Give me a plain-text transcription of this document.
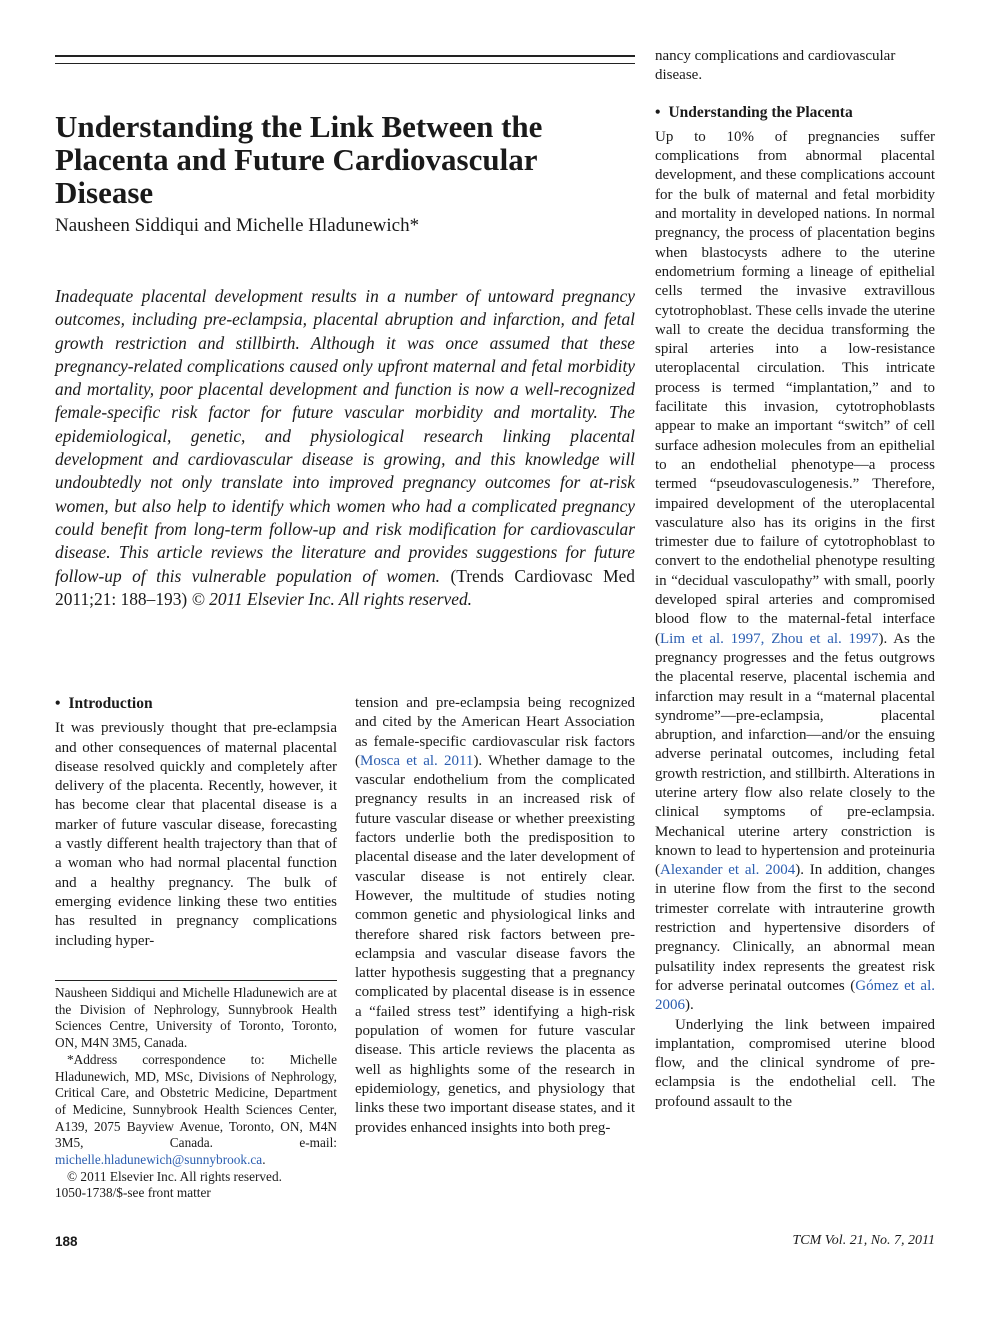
Understanding the Link Between the Placenta and Future Cardiovascular Disease
Nausheen Siddiqui and Michelle Hladunewich*
Inadequate placental development results in a number of untoward pregnancy outcomes, including pre-eclampsia, placental abruption and infarction, and fetal growth restriction and stillbirth. Although it was once assumed that these pregnancy-related complications caused only upfront maternal and fetal morbidity and mortality, poor placental development and function is now a well-recognized female-specific risk factor for future vascular morbidity and mortality. The epidemiological, genetic, and physiological research linking placental development and cardiovascular disease is growing, and this knowledge will undoubtedly not only translate into improved pregnancy outcomes for at-risk women, but also help to identify which women who had a complicated pregnancy could benefit from long-term follow-up and risk modification for cardiovascular disease. This article reviews the literature and provides suggestions for future follow-up of this vulnerable population of women. (Trends Cardiovasc Med 2011;21: 188–193) © 2011 Elsevier Inc. All rights reserved.

• Introduction

It was previously thought that pre-eclampsia and other consequences of maternal placental disease resolved quickly and completely after delivery of the placenta. Recently, however, it has become clear that placental disease is a marker of future vascular disease, forecasting a vastly different health trajectory than that of a woman who had normal placental function and a healthy pregnancy. The bulk of emerging evidence linking these two entities has resulted in pregnancy complications including hyper-

Nausheen Siddiqui and Michelle Hladunewich are at the Division of Nephrology, Sunnybrook Health Sciences Centre, University of Toronto, Toronto, ON, M4N 3M5, Canada.

*Address correspondence to: Michelle Hladunewich, MD, MSc, Divisions of Nephrology, Critical Care, and Obstetric Medicine, Department of Medicine, Sunnybrook Health Sciences Center, A139, 2075 Bayview Avenue, Toronto, ON, M4N 3M5, Canada. e-mail: michelle.hladunewich@sunnybrook.ca.

© 2011 Elsevier Inc. All rights reserved.

1050-1738/$-see front matter

tension and pre-eclampsia being recognized and cited by the American Heart Association as female-specific cardiovascular risk factors (Mosca et al. 2011). Whether damage to the vascular endothelium from the complicated pregnancy results in an increased risk of future vascular disease or whether preexisting factors underlie both the predisposition to placental disease and the later development of vascular disease is not entirely clear. However, the multitude of studies noting common genetic and physiological links and therefore shared risk factors between pre-eclampsia and vascular disease favors the latter hypothesis suggesting that a pregnancy complicated by placental disease is in essence a “failed stress test” identifying a high-risk population of women for future vascular disease. This article reviews the placenta as well as highlights some of the research in epidemiology, genetics, and physiology that links these two important disease states, and it provides enhanced insights into both preg-

nancy complications and cardiovascular disease.

• Understanding the Placenta

Up to 10% of pregnancies suffer complications from abnormal placental development, and these complications account for the bulk of maternal and fetal morbidity and mortality in developed nations. In normal pregnancy, the process of placentation begins when blastocysts adhere to the uterine endometrium forming a lineage of epithelial cells termed the invasive extravillous cytotrophoblast. These cells invade the uterine wall to create the decidua transforming the spiral arteries into a low-resistance uteroplacental circulation. This intricate process is termed “implantation,” and to facilitate this invasion, cytotrophoblasts appear to make an important “switch” of cell surface adhesion molecules from an epithelial to an endothelial phenotype—a process termed “pseudovasculogenesis.” Therefore, impaired development of the uteroplacental vasculature also has its origins in the first trimester due to failure of cytotrophoblast to convert to the endothelial phenotype resulting in “decidual vasculopathy” with small, poorly developed spiral arteries and compromised blood flow to the maternal-fetal interface (Lim et al. 1997, Zhou et al. 1997). As the pregnancy progresses and the fetus outgrows the placental reserve, placental ischemia and infarction may result in a “maternal placental syndrome”—pre-eclampsia, placental abruption, and infarction—and/or the ensuing adverse perinatal outcomes, including fetal growth restriction, and stillbirth. Alterations in uterine artery flow also relate closely to the clinical symptoms of pre-eclampsia. Mechanical uterine artery constriction is known to lead to hypertension and proteinuria (Alexander et al. 2004). In addition, changes in uterine flow from the first to the second trimester correlate with intrauterine growth restriction and hypertensive disorders of pregnancy. Clinically, an abnormal mean pulsatility index represents the greatest risk for adverse perinatal outcomes (Gómez et al. 2006).

Underlying the link between impaired implantation, compromised uterine blood flow, and the clinical syndrome of pre-eclampsia is the endothelial cell. The profound assault to the

188	TCM Vol. 21, No. 7, 2011
